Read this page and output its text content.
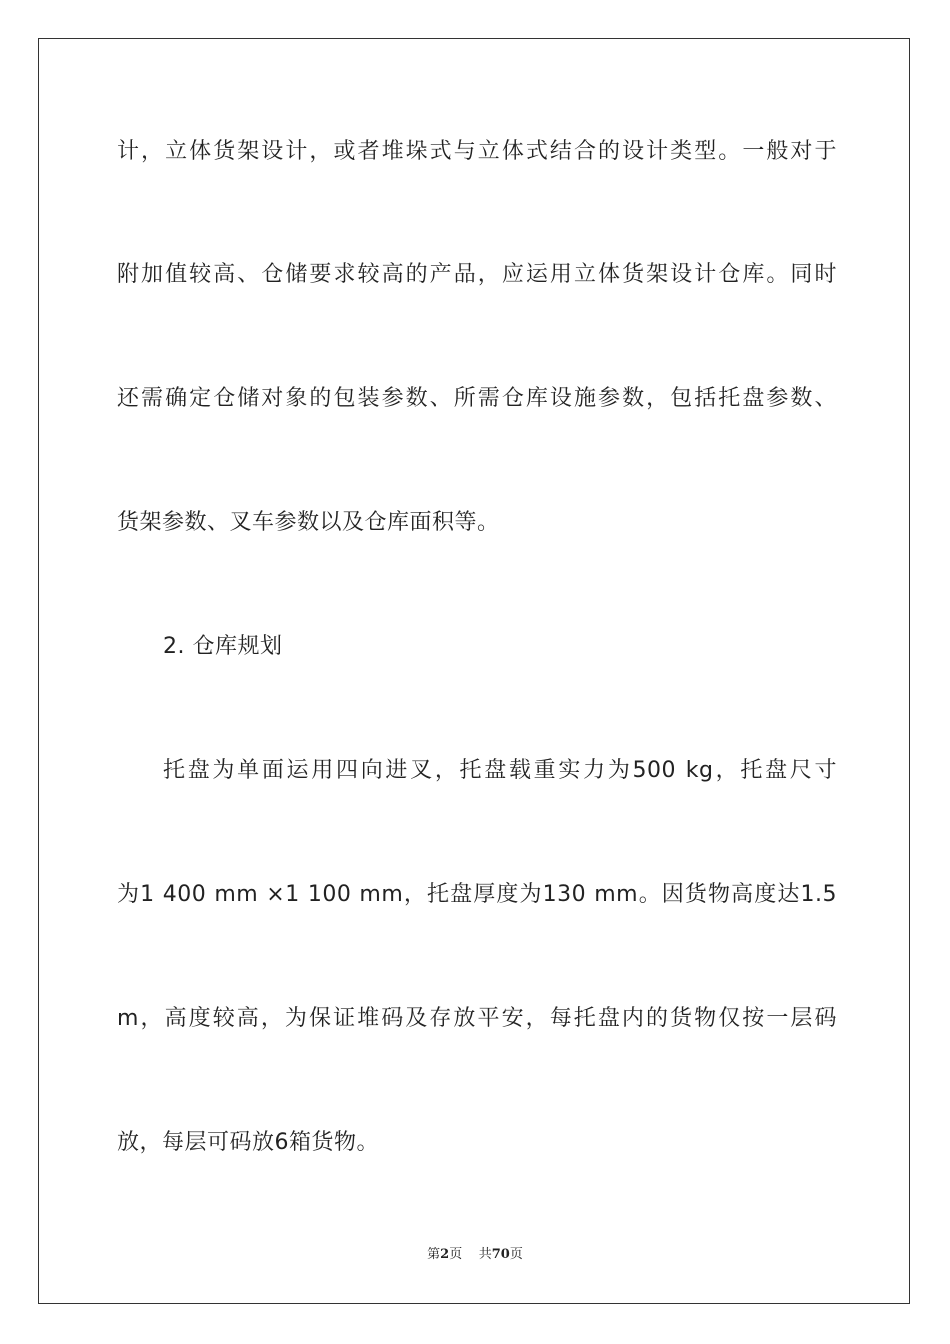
计，立体货架设计，或者堆垛式与立体式结合的设计类型。一般对于
附加值较高、仓储要求较高的产品，应运用立体货架设计仓库。同时
还需确定仓储对象的包装参数、所需仓库设施参数，包括托盘参数、
货架参数、叉车参数以及仓库面积等。
2. 仓库规划
托盘为单面运用四向进叉，托盘载重实力为500 kg，托盘尺寸
为1 400 mm ×1 100 mm，托盘厚度为130 mm。因货物高度达1.5
m，高度较高，为保证堆码及存放平安，每托盘内的货物仅按一层码
放，每层可码放6箱货物。
第2页 共70页
